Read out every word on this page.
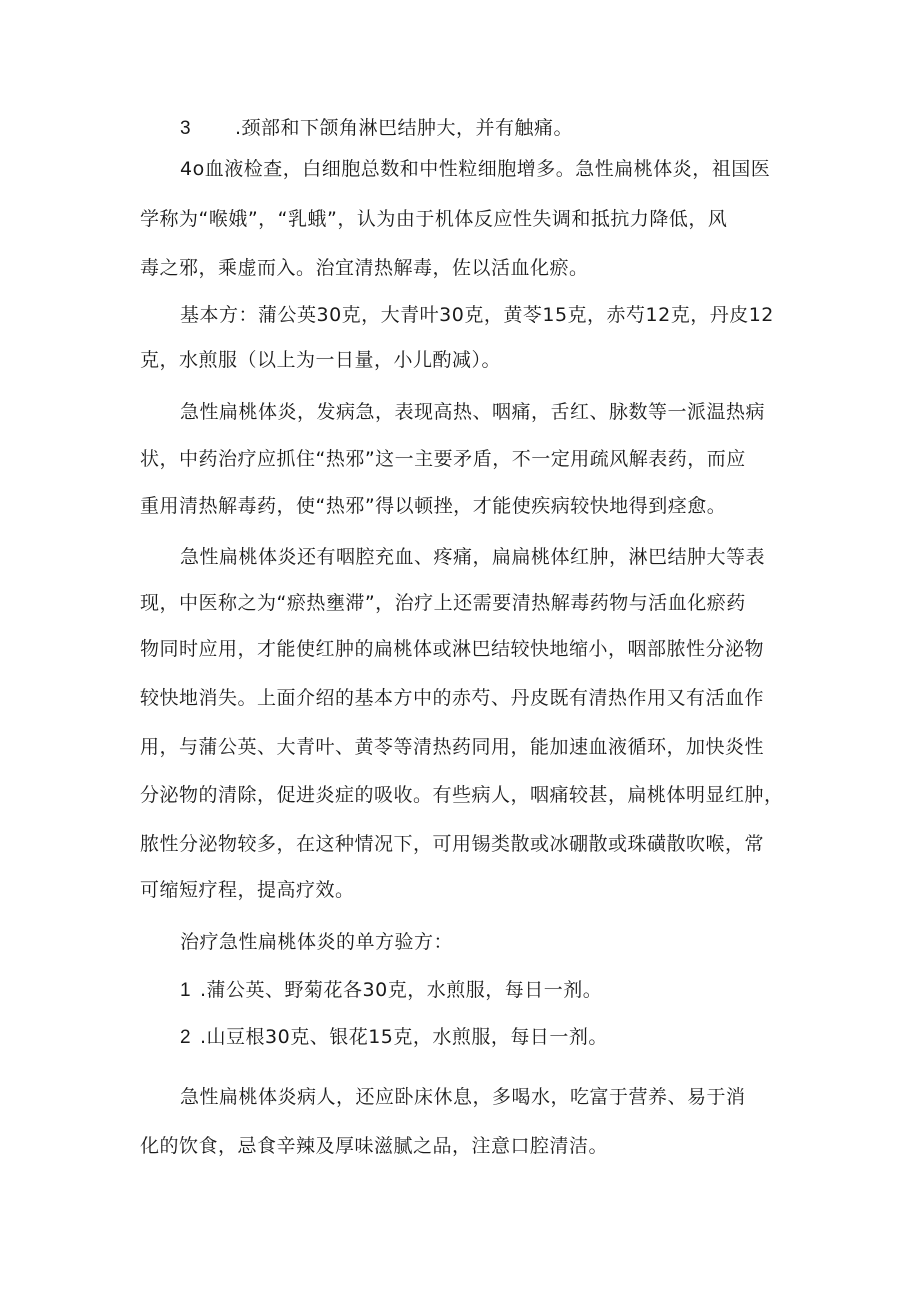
3 .颈部和下颌角淋巴结肿大，并有触痛。
4o血液检查，白细胞总数和中性粒细胞增多。急性扁桃体炎，祖国医
学称为“喉娥”，“乳蛾”，认为由于机体反应性失调和抵抗力降低，风
毒之邪，乘虚而入。治宜清热解毒，佐以活血化瘀。
基本方：蒲公英30克，大青叶30克，黄苓15克，赤芍12克，丹皮12
克，水煎服（以上为一日量，小儿酌减）。
急性扁桃体炎，发病急，表现高热、咽痛，舌红、脉数等一派温热病
状，中药治疗应抓住“热邪”这一主要矛盾，不一定用疏风解表药，而应
重用清热解毒药，使“热邪”得以顿挫，才能使疾病较快地得到痉愈。
急性扁桃体炎还有咽腔充血、疼痛，扁扁桃体红肿，淋巴结肿大等表
现，中医称之为“瘀热壅滞”，治疗上还需要清热解毒药物与活血化瘀药
物同时应用，才能使红肿的扁桃体或淋巴结较快地缩小，咽部脓性分泌物
较快地消失。上面介绍的基本方中的赤芍、丹皮既有清热作用又有活血作
用，与蒲公英、大青叶、黄苓等清热药同用，能加速血液循环，加快炎性
分泌物的清除，促进炎症的吸收。有些病人，咽痛较甚，扁桃体明显红肿，
脓性分泌物较多，在这种情况下，可用锡类散或冰硼散或珠磺散吹喉，常
可缩短疗程，提高疗效。
治疗急性扁桃体炎的单方验方：
1 .蒲公英、野菊花各30克，水煎服，每日一剂。
2 .山豆根30克、银花15克，水煎服，每日一剂。
急性扁桃体炎病人，还应卧床休息，多喝水，吃富于营养、易于消
化的饮食，忌食辛辣及厚味滋腻之品，注意口腔清洁。
